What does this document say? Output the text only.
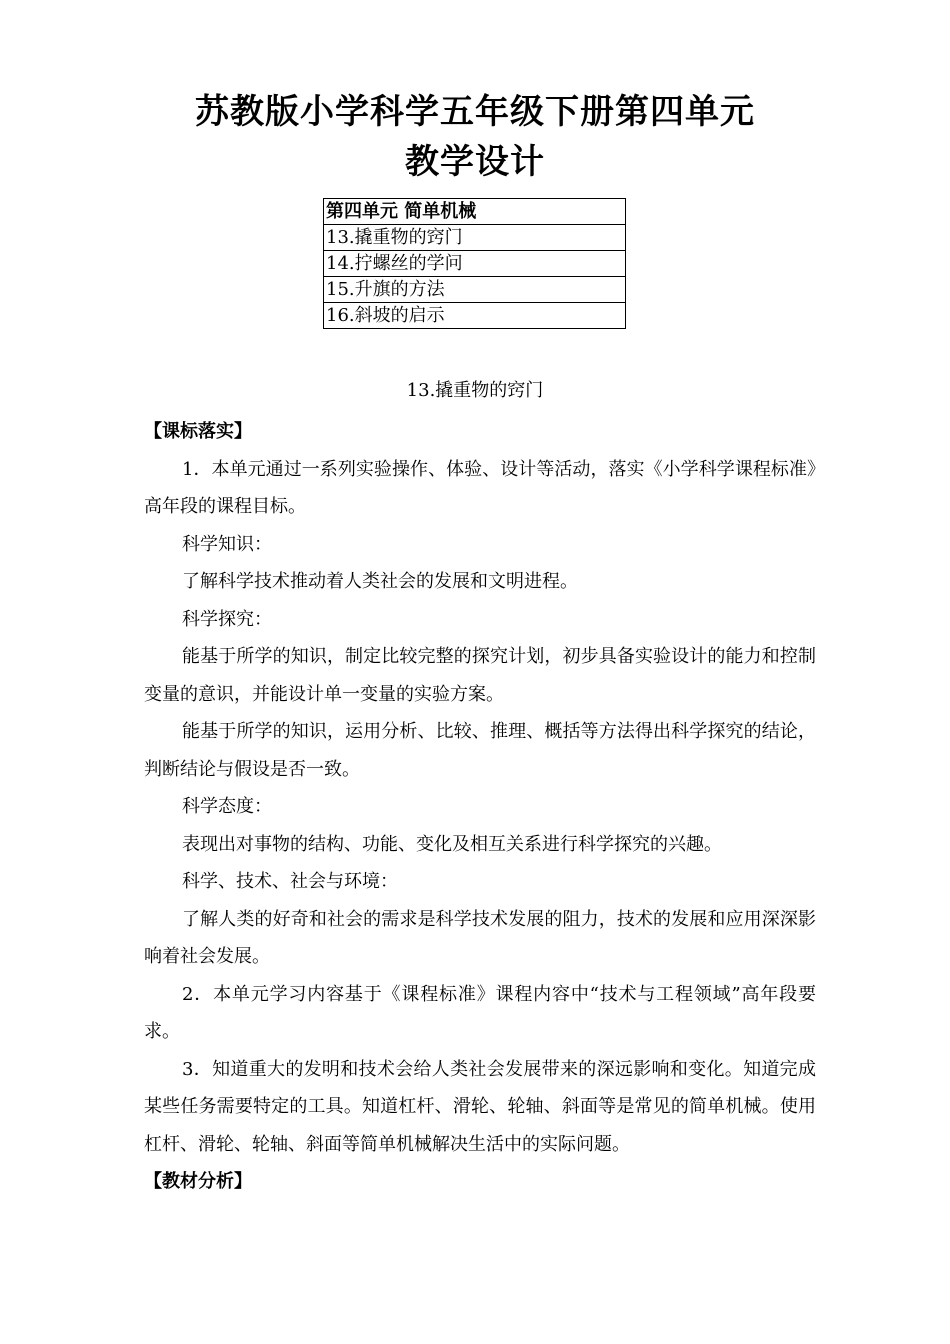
苏教版小学科学五年级下册第四单元
教学设计
第四单元 简单机械
13.撬重物的窍门
14.拧螺丝的学问
15.升旗的方法
16.斜坡的启示
13.撬重物的窍门
【课标落实】

1．本单元通过一系列实验操作、体验、设计等活动，落实《小学科学课程标准》高年段的课程目标。

科学知识：

了解科学技术推动着人类社会的发展和文明进程。

科学探究：

能基于所学的知识，制定比较完整的探究计划，初步具备实验设计的能力和控制变量的意识，并能设计单一变量的实验方案。

能基于所学的知识，运用分析、比较、推理、概括等方法得出科学探究的结论，判断结论与假设是否一致。

科学态度：

表现出对事物的结构、功能、变化及相互关系进行科学探究的兴趣。

科学、技术、社会与环境：

了解人类的好奇和社会的需求是科学技术发展的阻力，技术的发展和应用深深影响着社会发展。

2．本单元学习内容基于《课程标准》课程内容中“技术与工程领域”高年段要求。

3．知道重大的发明和技术会给人类社会发展带来的深远影响和变化。知道完成某些任务需要特定的工具。知道杠杆、滑轮、轮轴、斜面等是常见的简单机械。使用杠杆、滑轮、轮轴、斜面等简单机械解决生活中的实际问题。

【教材分析】
